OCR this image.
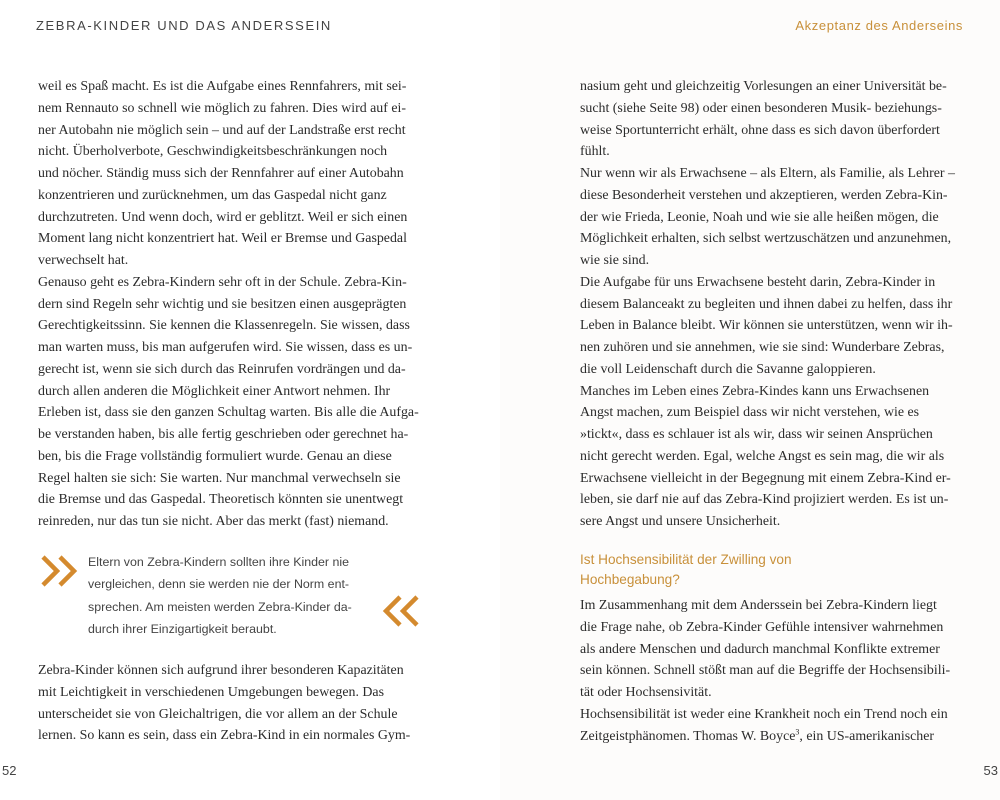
ZEBRA-KINDER UND DAS ANDERSSEIN
weil es Spaß macht. Es ist die Aufgabe eines Rennfahrers, mit sei-
nem Rennauto so schnell wie möglich zu fahren. Dies wird auf ei-
ner Autobahn nie möglich sein – und auf der Landstraße erst recht
nicht. Überholverbote, Geschwindigkeitsbeschränkungen noch
und nöcher. Ständig muss sich der Rennfahrer auf einer Autobahn
konzentrieren und zurücknehmen, um das Gaspedal nicht ganz
durchzutreten. Und wenn doch, wird er geblitzt. Weil er sich einen
Moment lang nicht konzentriert hat. Weil er Bremse und Gaspedal
verwechselt hat.
Genauso geht es Zebra-Kindern sehr oft in der Schule. Zebra-Kin-
dern sind Regeln sehr wichtig und sie besitzen einen ausgeprägten
Gerechtigkeitssinn. Sie kennen die Klassenregeln. Sie wissen, dass
man warten muss, bis man aufgerufen wird. Sie wissen, dass es un-
gerecht ist, wenn sie sich durch das Reinrufen vordrängen und da-
durch allen anderen die Möglichkeit einer Antwort nehmen. Ihr
Erleben ist, dass sie den ganzen Schultag warten. Bis alle die Aufga-
be verstanden haben, bis alle fertig geschrieben oder gerechnet ha-
ben, bis die Frage vollständig formuliert wurde. Genau an diese
Regel halten sie sich: Sie warten. Nur manchmal verwechseln sie
die Bremse und das Gaspedal. Theoretisch könnten sie unentwegt
reinreden, nur das tun sie nicht. Aber das merkt (fast) niemand.
Eltern von Zebra-Kindern sollten ihre Kinder nie
vergleichen, denn sie werden nie der Norm ent-
sprechen. Am meisten werden Zebra-Kinder da-
durch ihrer Einzigartigkeit beraubt.
Zebra-Kinder können sich aufgrund ihrer besonderen Kapazitäten
mit Leichtigkeit in verschiedenen Umgebungen bewegen. Das
unterscheidet sie von Gleichaltrigen, die vor allem an der Schule
lernen. So kann es sein, dass ein Zebra-Kind in ein normales Gym-
52
Akzeptanz des Anderseins
nasium geht und gleichzeitig Vorlesungen an einer Universität be-
sucht (siehe Seite 98) oder einen besonderen Musik- beziehungs-
weise Sportunterricht erhält, ohne dass es sich davon überfordert
fühlt.
Nur wenn wir als Erwachsene – als Eltern, als Familie, als Lehrer –
diese Besonderheit verstehen und akzeptieren, werden Zebra-Kin-
der wie Frieda, Leonie, Noah und wie sie alle heißen mögen, die
Möglichkeit erhalten, sich selbst wertzuschätzen und anzunehmen,
wie sie sind.
Die Aufgabe für uns Erwachsene besteht darin, Zebra-Kinder in
diesem Balanceakt zu begleiten und ihnen dabei zu helfen, dass ihr
Leben in Balance bleibt. Wir können sie unterstützen, wenn wir ih-
nen zuhören und sie annehmen, wie sie sind: Wunderbare Zebras,
die voll Leidenschaft durch die Savanne galoppieren.
Manches im Leben eines Zebra-Kindes kann uns Erwachsenen
Angst machen, zum Beispiel dass wir nicht verstehen, wie es
»tickt«, dass es schlauer ist als wir, dass wir seinen Ansprüchen
nicht gerecht werden. Egal, welche Angst es sein mag, die wir als
Erwachsene vielleicht in der Begegnung mit einem Zebra-Kind er-
leben, sie darf nie auf das Zebra-Kind projiziert werden. Es ist un-
sere Angst und unsere Unsicherheit.
Ist Hochsensibilität der Zwilling von
Hochbegabung?
Im Zusammenhang mit dem Anderssein bei Zebra-Kindern liegt
die Frage nahe, ob Zebra-Kinder Gefühle intensiver wahrnehmen
als andere Menschen und dadurch manchmal Konflikte extremer
sein können. Schnell stößt man auf die Begriffe der Hochsensibili-
tät oder Hochsensivität.
Hochsensibilität ist weder eine Krankheit noch ein Trend noch ein
Zeitgeistphänomen. Thomas W. Boyce$^3$, ein US-amerikanischer
53
